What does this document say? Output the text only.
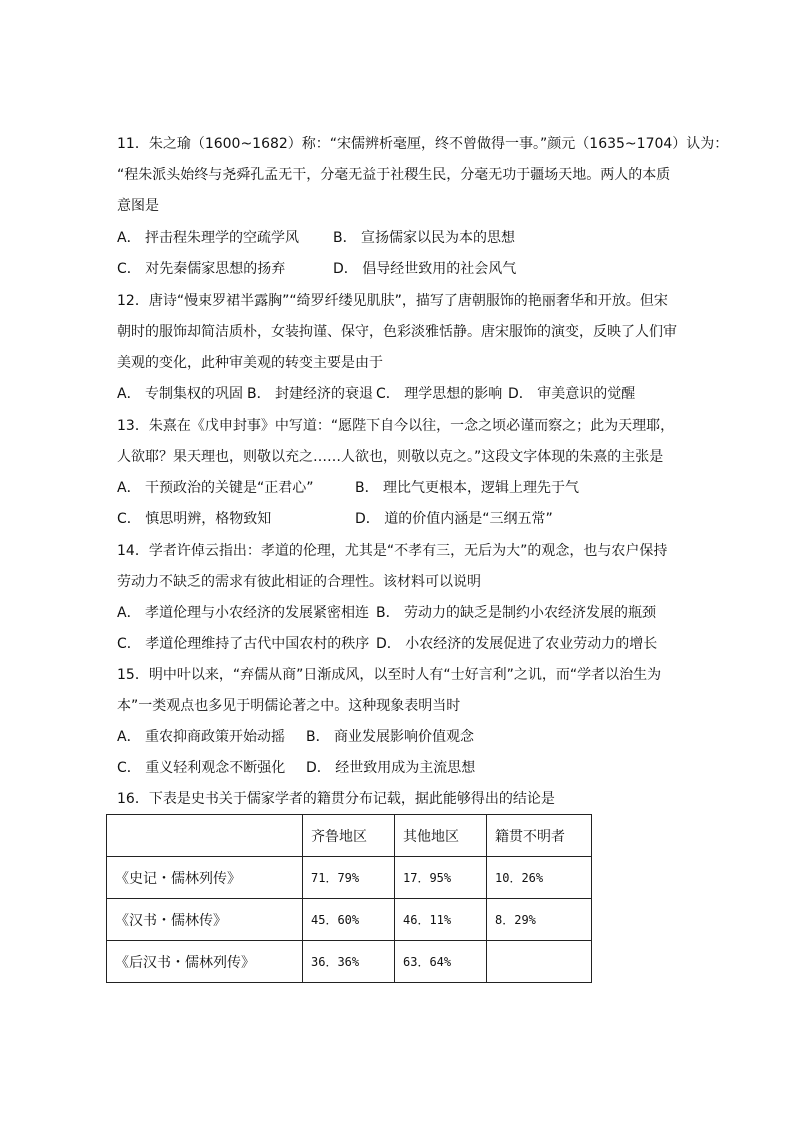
11．朱之瑜（1600~1682）称：“宋儒辨析毫厘，终不曾做得一事。”颜元（1635~1704）认为：
“程朱派头始终与尧舜孔孟无干，分毫无益于社稷生民，分毫无功于疆场天地。两人的本质
意图是
A． 抨击程朱理学的空疏学风 B． 宣扬儒家以民为本的思想
C． 对先秦儒家思想的扬弃	D． 倡导经世致用的社会风气
12．唐诗“慢束罗裙半露胸”“绮罗纤缕见肌肤”，描写了唐朝服饰的艳丽奢华和开放。但宋
朝时的服饰却简洁质朴，女装拘谨、保守，色彩淡雅恬静。唐宋服饰的演变，反映了人们审
美观的变化，此种审美观的转变主要是由于
A． 专制集权的巩固 B． 封建经济的衰退 C． 理学思想的影响 D． 审美意识的觉醒
13．朱熹在《戊申封事》中写道：“愿陛下自今以往，一念之顷必谨而察之；此为天理耶，
人欲耶？果天理也，则敬以充之……人欲也，则敬以克之。”这段文字体现的朱熹的主张是
A． 干预政治的关键是“正君心”	B． 理比气更根本，逻辑上理先于气
C． 慎思明辨，格物致知	D． 道的价值内涵是“三纲五常”
14．学者许倬云指出：孝道的伦理，尤其是“不孝有三，无后为大”的观念，也与农户保持
劳动力不缺乏的需求有彼此相证的合理性。该材料可以说明
A． 孝道伦理与小农经济的发展紧密相连 B． 劳动力的缺乏是制约小农经济发展的瓶颈
C． 孝道伦理维持了古代中国农村的秩序 D． 小农经济的发展促进了农业劳动力的增长
15．明中叶以来，“弃儒从商”日渐成风，以至时人有“士好言利”之讥，而“学者以治生为
本”一类观点也多见于明儒论著之中。这种现象表明当时
A． 重农抑商政策开始动摇 B． 商业发展影响价值观念
C． 重义轻利观念不断强化 D． 经世致用成为主流思想
16．下表是史书关于儒家学者的籍贯分布记载，据此能够得出的结论是
	齐鲁地区	其他地区	籍贯不明者
《史记・儒林列传》	71．79%	17．95%	10．26%
《汉书・儒林传》	45．60%	46．11%	8．29%
《后汉书・儒林列传》	36．36%	63．64%	
